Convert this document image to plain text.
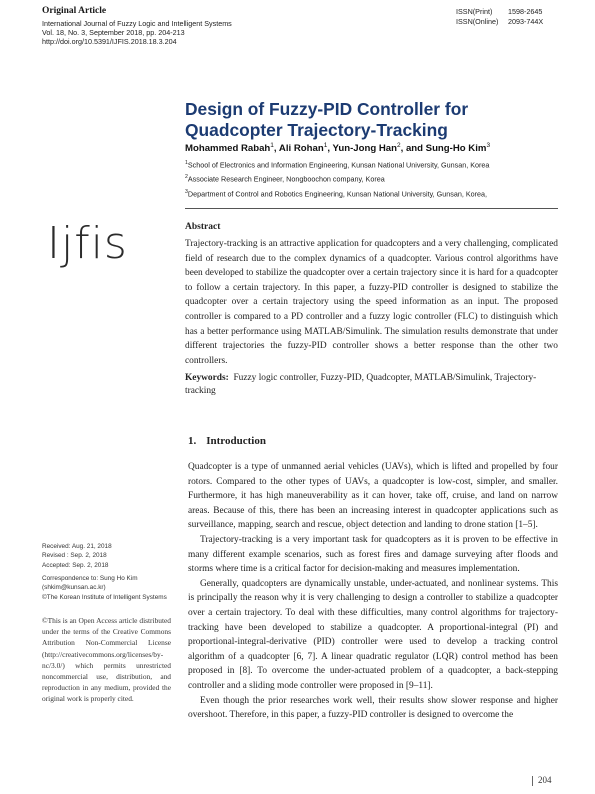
Original Article
International Journal of Fuzzy Logic and Intelligent Systems
Vol. 18, No. 3, September 2018, pp. 204-213
http://doi.org/10.5391/IJFIS.2018.18.3.204
ISSN(Print) 1598-2645
ISSN(Online) 2093-744X
Design of Fuzzy-PID Controller for
Quadcopter Trajectory-Tracking
Mohammed Rabah$^1$, Ali Rohan$^1$, Yun-Jong Han$^2$, and Sung-Ho Kim$^3$
$^1$School of Electronics and Information Engineering, Kunsan National University, Gunsan, Korea
$^2$Associate Research Engineer, Nongboochon company, Korea
$^3$Department of Control and Robotics Engineering, Kunsan National University, Gunsan, Korea,
Ijfis	Abstract
Trajectory-tracking is an attractive application for quadcopters and a very challenging, complicated field of research due to the complex dynamics of a quadcopter. Various control algorithms have been developed to stabilize the quadcopter over a certain trajectory since it is hard for a quadcopter to follow a certain trajectory. In this paper, a fuzzy-PID controller is designed to stabilize the quadcopter over a certain trajectory using the speed information as an input. The proposed controller is compared to a PD controller and a fuzzy logic controller (FLC) to distinguish which has a better performance using MATLAB/Simulink. The simulation results demonstrate that under different trajectories the fuzzy-PID controller shows a better response than the other two controllers.
Keywords: Fuzzy logic controller, Fuzzy-PID, Quadcopter, MATLAB/Simulink, Trajectory-tracking
1. Introduction

Quadcopter is a type of unmanned aerial vehicles (UAVs), which is lifted and propelled by four rotors. Compared to the other types of UAVs, a quadcopter is low-cost, simpler, and smaller. Furthermore, it has high maneuverability as it can hover, take off, cruise, and land on narrow areas. Because of this, there has been an increasing interest in quadcopter applications such as surveillance, mapping, search and rescue, object detection and landing to drone station [1–5].

Trajectory-tracking is a very important task for quadcopters as it is proven to be effective in many different example scenarios, such as forest fires and damage surveying after floods and storms where time is a critical factor for decision-making and measures implementation.

Generally, quadcopters are dynamically unstable, under-actuated, and nonlinear systems. This is principally the reason why it is very challenging to design a controller to stabilize a quadcopter over a certain trajectory. To deal with these difficulties, many control algorithms for trajectory-tracking have been developed to stabilize a quadcopter. A proportional-integral (PI) and proportional-integral-derivative (PID) controller were used to develop a tracking control algorithm of a quadcopter [6, 7]. A linear quadratic regulator (LQR) control method has been proposed in [8]. To overcome the under-actuated problem of a quadcopter, a back-stepping controller and a sliding mode controller were proposed in [9–11].

Even though the prior researches work well, their results show slower response and higher overshoot. Therefore, in this paper, a fuzzy-PID controller is designed to overcome the

Received: Aug. 21, 2018
Revised : Sep. 2, 2018
Accepted: Sep. 2, 2018
Correspondence to: Sung Ho Kim
(shkim@kunsan.ac.kr)
©The Korean Institute of Intelligent Systems
©This is an Open Access article distributed under the terms of the Creative Commons Attribution Non-Commercial License (http://creativecommons.org/licenses/by-nc/3.0/) which permits unrestricted noncommercial use, distribution, and reproduction in any medium, provided the original work is properly cited.
204
